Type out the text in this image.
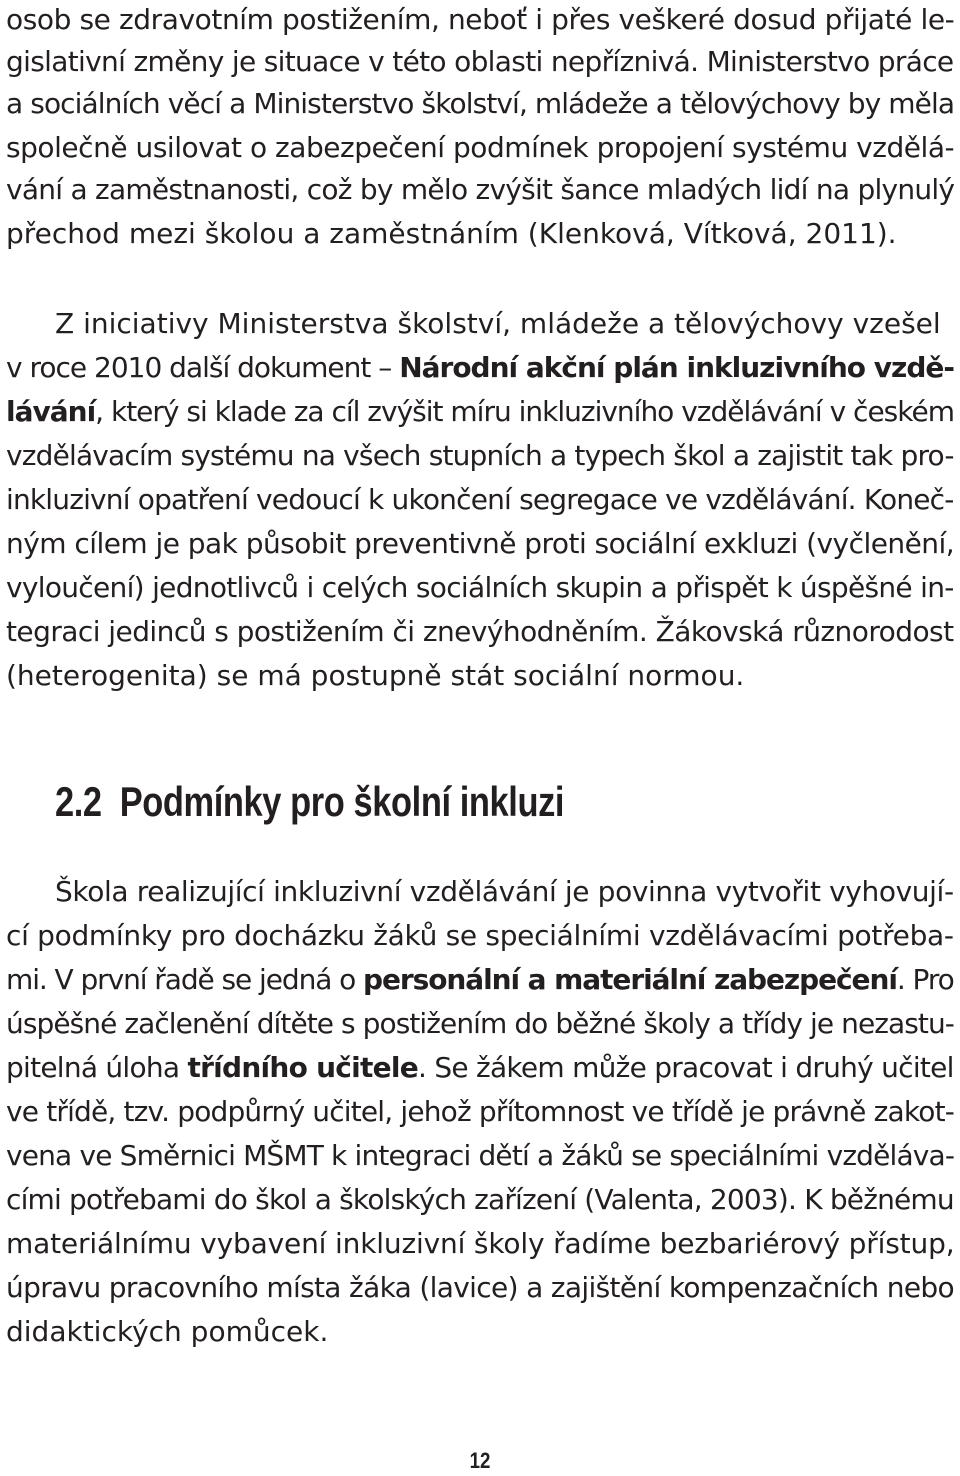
osob se zdravotním postižením, neboť i přes veškeré dosud přijaté le-
gislativní změny je situace v této oblasti nepříznivá. Ministerstvo práce
a sociálních věcí a Ministerstvo školství, mládeže a tělovýchovy by měla
společně usilovat o zabezpečení podmínek propojení systému vzdělá-
vání a zaměstnanosti, což by mělo zvýšit šance mladých lidí na plynulý
přechod mezi školou a zaměstnáním (Klenková, Vítková, 2011).
Z iniciativy Ministerstva školství, mládeže a tělovýchovy vzešel
v roce 2010 další dokument – Národní akční plán inkluzivního vzdě-
lávání, který si klade za cíl zvýšit míru inkluzivního vzdělávání v českém
vzdělávacím systému na všech stupních a typech škol a zajistit tak pro-
inkluzivní opatření vedoucí k ukončení segregace ve vzdělávání. Koneč-
ným cílem je pak působit preventivně proti sociální exkluzi (vyčlenění,
vyloučení) jednotlivců i celých sociálních skupin a přispět k úspěšné in-
tegraci jedinců s postižením či znevýhodněním. Žákovská různorodost
(heterogenita) se má postupně stát sociální normou.
2.2 Podmínky pro školní inkluzi
Škola realizující inkluzivní vzdělávání je povinna vytvořit vyhovují-
cí podmínky pro docházku žáků se speciálními vzdělávacími potřeba-
mi. V první řadě se jedná o personální a materiální zabezpečení. Pro
úspěšné začlenění dítěte s postižením do běžné školy a třídy je nezastu-
pitelná úloha třídního učitele. Se žákem může pracovat i druhý učitel
ve třídě, tzv. podpůrný učitel, jehož přítomnost ve třídě je právně zakot-
vena ve Směrnici MŠMT k integraci dětí a žáků se speciálními vzděláva-
cími potřebami do škol a školských zařízení (Valenta, 2003). K běžnému
materiálnímu vybavení inkluzivní školy řadíme bezbariérový přístup,
úpravu pracovního místa žáka (lavice) a zajištění kompenzačních nebo
didaktických pomůcek.
12
